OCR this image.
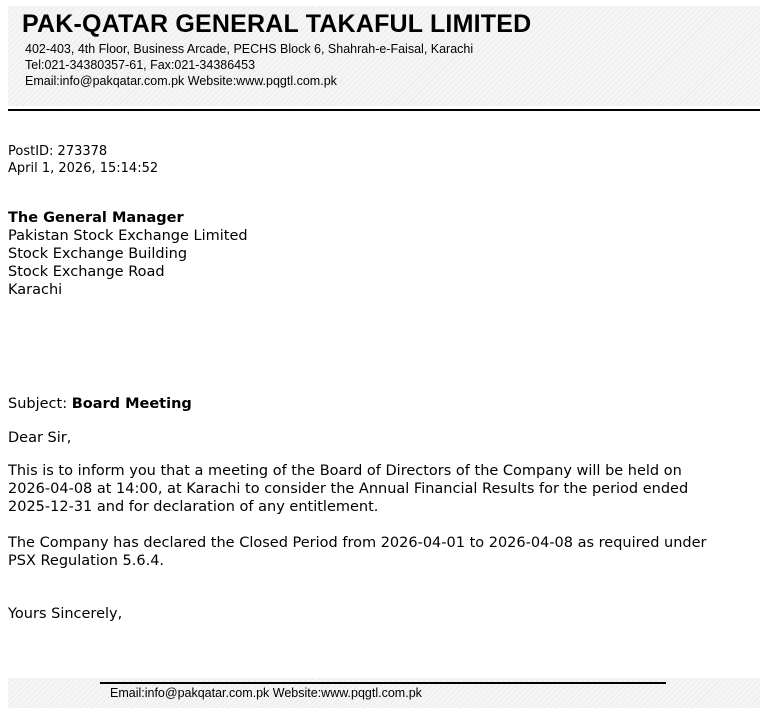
PAK-QATAR GENERAL TAKAFUL LIMITED
402-403, 4th Floor, Business Arcade, PECHS Block 6, Shahrah-e-Faisal, Karachi
Tel:021-34380357-61, Fax:021-34386453
Email:info@pakqatar.com.pk Website:www.pqgtl.com.pk
PostID: 273378
April 1, 2026, 15:14:52
The General Manager
Pakistan Stock Exchange Limited
Stock Exchange Building
Stock Exchange Road
Karachi
Subject: Board Meeting
Dear Sir,
This is to inform you that a meeting of the Board of Directors of the Company will be held on
2026-04-08 at 14:00, at Karachi to consider the Annual Financial Results for the period ended
2025-12-31 and for declaration of any entitlement.
The Company has declared the Closed Period from 2026-04-01 to 2026-04-08 as required under
PSX Regulation 5.6.4.
Yours Sincerely,
Email:info@pakqatar.com.pk Website:www.pqgtl.com.pk
